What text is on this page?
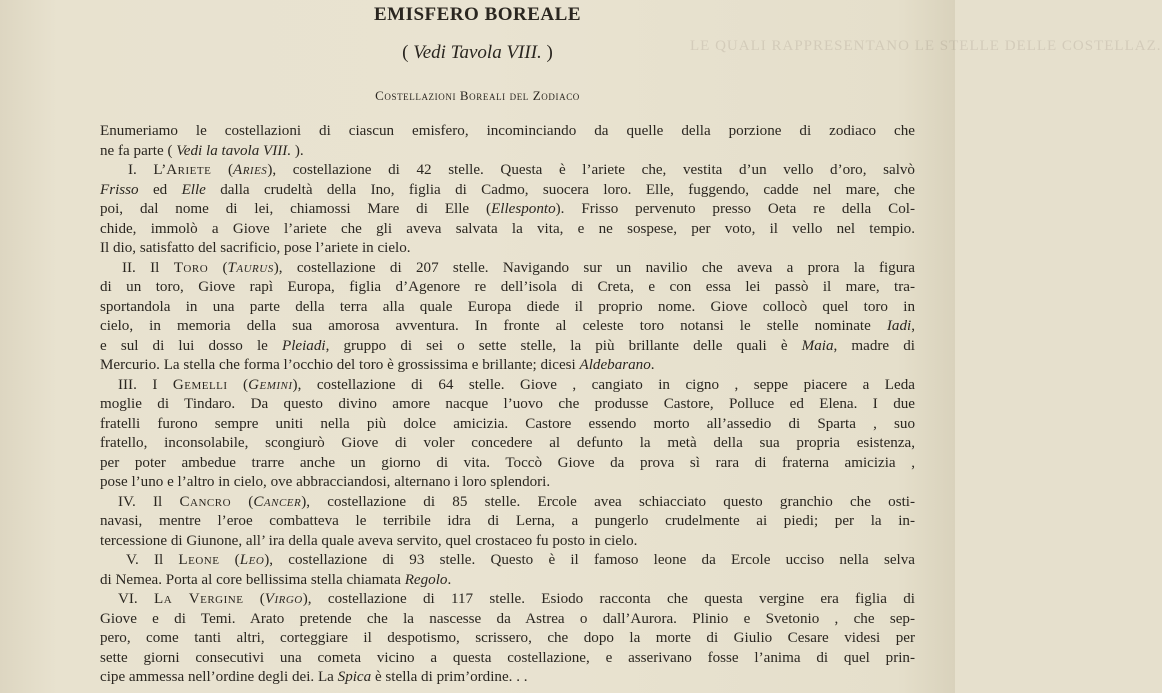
LE QUALI RAPPRESENTANO LE STELLE DELLE COSTELLAZ.
EMISFERO BOREALE
( Vedi Tavola VIII. )
Costellazioni Boreali del Zodiaco
Enumeriamo le costellazioni di ciascun emisfero, incominciando da quelle della porzione di zodiaco che
ne fa parte ( Vedi la tavola VIII. ).
I. L’Ariete (Aries), costellazione di 42 stelle. Questa è l’ariete che, vestita d’un vello d’oro, salvò
Frisso ed Elle dalla crudeltà della Ino, figlia di Cadmo, suocera loro. Elle, fuggendo, cadde nel mare, che
poi, dal nome di lei, chiamossi Mare di Elle (Ellesponto). Frisso pervenuto presso Oeta re della Col-
chide, immolò a Giove l’ariete che gli aveva salvata la vita, e ne sospese, per voto, il vello nel tempio.
Il dio, satisfatto del sacrificio, pose l’ariete in cielo.
II. Il Toro (Taurus), costellazione di 207 stelle. Navigando sur un navilio che aveva a prora la figura
di un toro, Giove rapì Europa, figlia d’Agenore re dell’isola di Creta, e con essa lei passò il mare, tra-
sportandola in una parte della terra alla quale Europa diede il proprio nome. Giove collocò quel toro in
cielo, in memoria della sua amorosa avventura. In fronte al celeste toro notansi le stelle nominate Iadi,
e sul di lui dosso le Pleiadi, gruppo di sei o sette stelle, la più brillante delle quali è Maia, madre di
Mercurio. La stella che forma l’occhio del toro è grossissima e brillante; dicesi Aldebarano.
III. I Gemelli (Gemini), costellazione di 64 stelle. Giove , cangiato in cigno , seppe piacere a Leda
moglie di Tindaro. Da questo divino amore nacque l’uovo che produsse Castore, Polluce ed Elena. I due
fratelli furono sempre uniti nella più dolce amicizia. Castore essendo morto all’assedio di Sparta , suo
fratello, inconsolabile, scongiurò Giove di voler concedere al defunto la metà della sua propria esistenza,
per poter ambedue trarre anche un giorno di vita. Toccò Giove da prova sì rara di fraterna amicizia ,
pose l’uno e l’altro in cielo, ove abbracciandosi, alternano i loro splendori.
IV. Il Cancro (Cancer), costellazione di 85 stelle. Ercole avea schiacciato questo granchio che osti-
navasi, mentre l’eroe combatteva le terribile idra di Lerna, a pungerlo crudelmente ai piedi; per la in-
tercessione di Giunone, all’ ira della quale aveva servito, quel crostaceo fu posto in cielo.
V. Il Leone (Leo), costellazione di 93 stelle. Questo è il famoso leone da Ercole ucciso nella selva
di Nemea. Porta al core bellissima stella chiamata Regolo.
VI. La Vergine (Virgo), costellazione di 117 stelle. Esiodo racconta che questa vergine era figlia di
Giove e di Temi. Arato pretende che la nascesse da Astrea o dall’Aurora. Plinio e Svetonio , che sep-
pero, come tanti altri, corteggiare il despotismo, scrissero, che dopo la morte di Giulio Cesare videsi per
sette giorni consecutivi una cometa vicino a questa costellazione, e asserivano fosse l’anima di quel prin-
cipe ammessa nell’ordine degli dei. La Spica è stella di prim’ordine. . .
